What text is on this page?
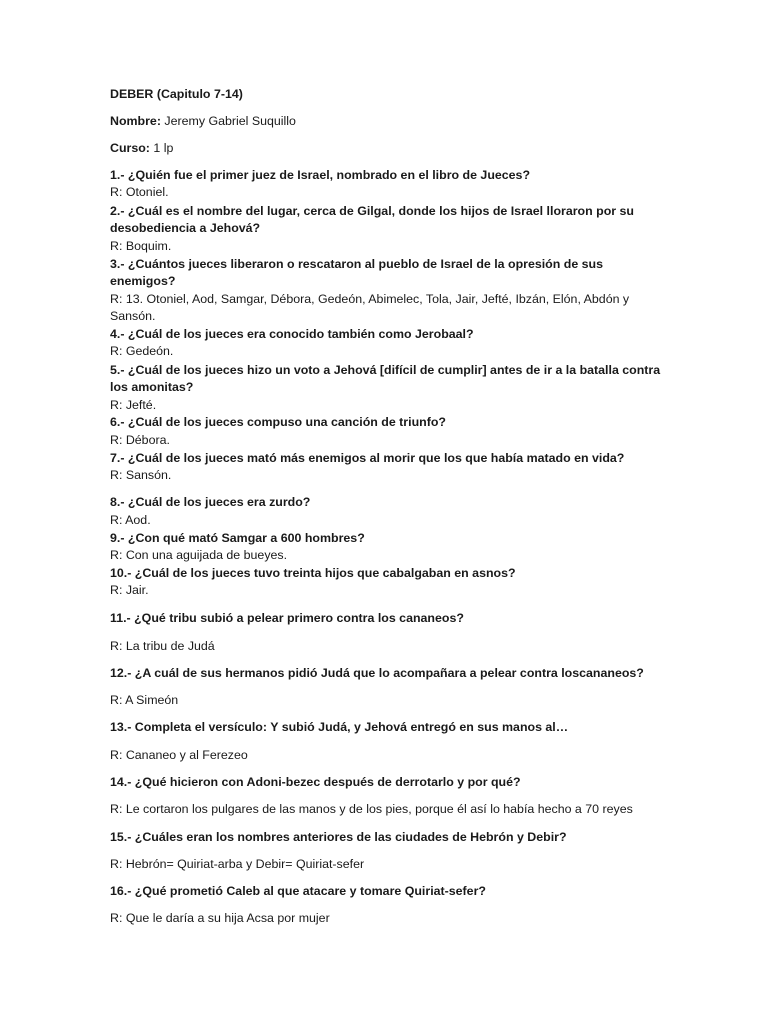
DEBER (Capitulo 7-14)
Nombre: Jeremy Gabriel Suquillo
Curso: 1 lp
1.- ¿Quién fue el primer juez de Israel, nombrado en el libro de Jueces?
R: Otoniel.
2.- ¿Cuál es el nombre del lugar, cerca de Gilgal, donde los hijos de Israel lloraron por su
desobediencia a Jehová?
R: Boquim.
3.- ¿Cuántos jueces liberaron o rescataron al pueblo de Israel de la opresión de sus
enemigos?
R: 13. Otoniel, Aod, Samgar, Débora, Gedeón, Abimelec, Tola, Jair, Jefté, Ibzán, Elón, Abdón y
Sansón.
4.- ¿Cuál de los jueces era conocido también como Jerobaal?
R: Gedeón.
5.- ¿Cuál de los jueces hizo un voto a Jehová [difícil de cumplir] antes de ir a la batalla contra
los amonitas?
R: Jefté.
6.- ¿Cuál de los jueces compuso una canción de triunfo?
R: Débora.
7.- ¿Cuál de los jueces mató más enemigos al morir que los que había matado en vida?
R: Sansón.
8.- ¿Cuál de los jueces era zurdo?
R: Aod.
9.- ¿Con qué mató Samgar a 600 hombres?
R: Con una aguijada de bueyes.
10.- ¿Cuál de los jueces tuvo treinta hijos que cabalgaban en asnos?
R: Jair.
11.- ¿Qué tribu subió a pelear primero contra los cananeos?
R: La tribu de Judá
12.- ¿A cuál de sus hermanos pidió Judá que lo acompañara a pelear contra loscananeos?
R: A Simeón
13.- Completa el versículo: Y subió Judá, y Jehová entregó en sus manos al…
R: Cananeo y al Ferezeo
14.- ¿Qué hicieron con Adoni-bezec después de derrotarlo y por qué?
R: Le cortaron los pulgares de las manos y de los pies, porque él así lo había hecho a 70 reyes
15.- ¿Cuáles eran los nombres anteriores de las ciudades de Hebrón y Debir?
R: Hebrón= Quiriat-arba y Debir= Quiriat-sefer
16.- ¿Qué prometió Caleb al que atacare y tomare Quiriat-sefer?
R: Que le daría a su hija Acsa por mujer
